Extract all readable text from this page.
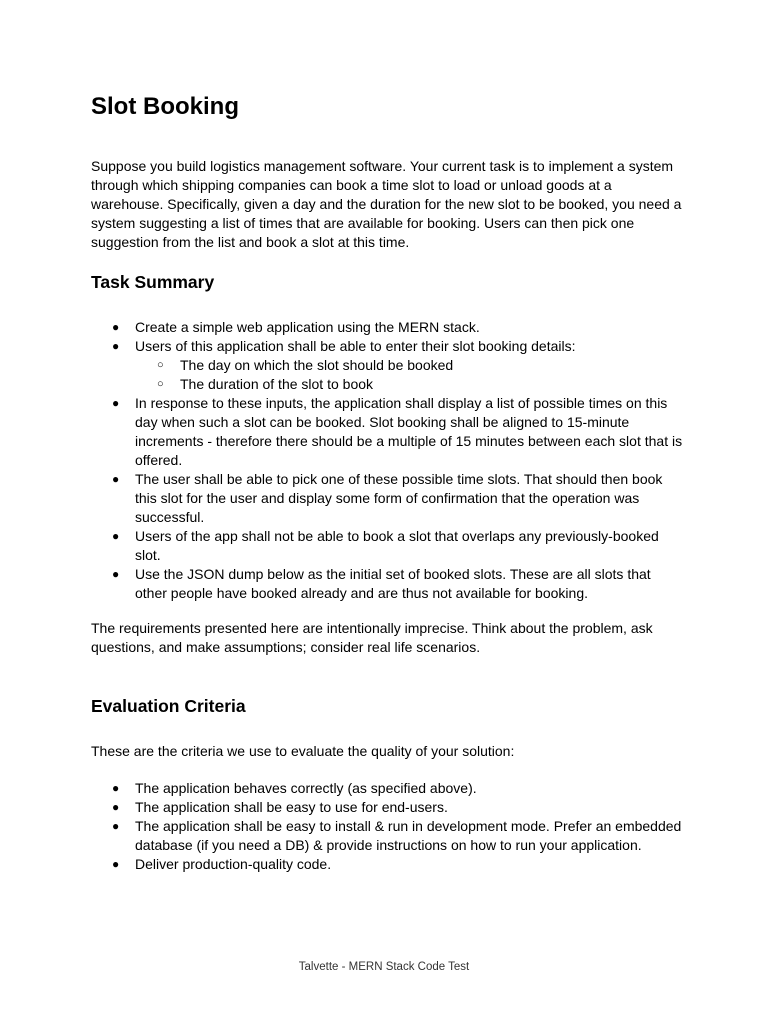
Slot Booking

Suppose you build logistics management software. Your current task is to implement a system through which shipping companies can book a time slot to load or unload goods at a warehouse. Specifically, given a day and the duration for the new slot to be booked, you need a system suggesting a list of times that are available for booking. Users can then pick one suggestion from the list and book a slot at this time.

Task Summary
● Create a simple web application using the MERN stack.
● Users of this application shall be able to enter their slot booking details:
○ The day on which the slot should be booked
○ The duration of the slot to book
● In response to these inputs, the application shall display a list of possible times on this day when such a slot can be booked. Slot booking shall be aligned to 15-minute increments - therefore there should be a multiple of 15 minutes between each slot that is offered.
● The user shall be able to pick one of these possible time slots. That should then book this slot for the user and display some form of confirmation that the operation was successful.
● Users of the app shall not be able to book a slot that overlaps any previously-booked slot.
● Use the JSON dump below as the initial set of booked slots. These are all slots that other people have booked already and are thus not available for booking.

The requirements presented here are intentionally imprecise. Think about the problem, ask questions, and make assumptions; consider real life scenarios.

Evaluation Criteria

These are the criteria we use to evaluate the quality of your solution:

● The application behaves correctly (as specified above).
● The application shall be easy to use for end-users.
● The application shall be easy to install & run in development mode. Prefer an embedded database (if you need a DB) & provide instructions on how to run your application.
● Deliver production-quality code.
Talvette - MERN Stack Code Test
